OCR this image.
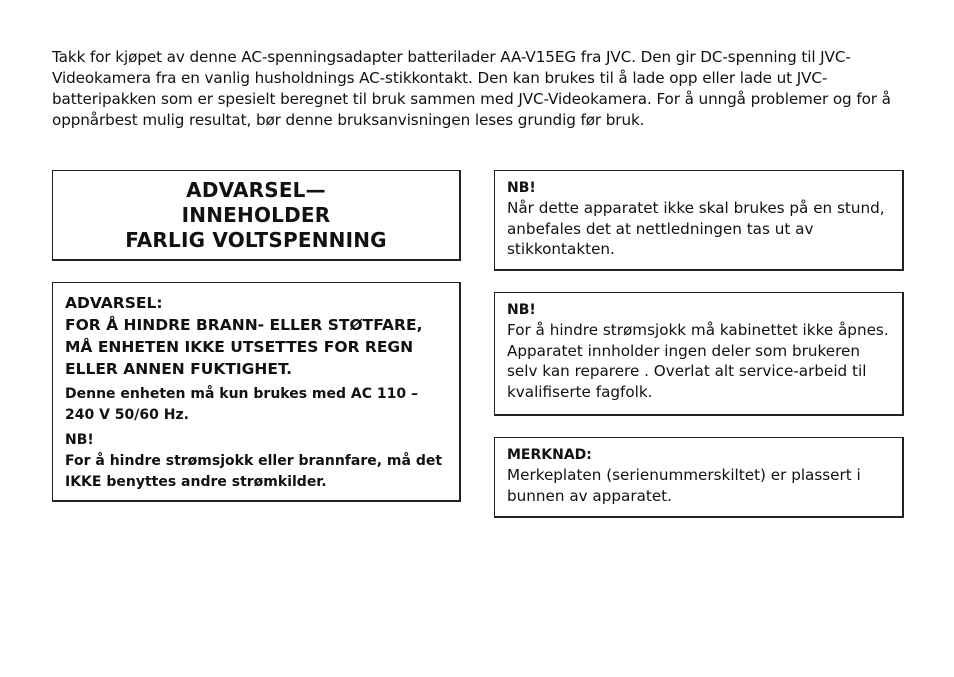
Takk for kjøpet av denne AC-spenningsadapter batterilader AA-V15EG fra JVC. Den gir DC-spenning til JVC-Videokamera fra en vanlig husholdnings AC-stikkontakt. Den kan brukes til å lade opp eller lade ut JVC-batteripakken som er spesielt beregnet til bruk sammen med JVC-Videokamera. For å unngå problemer og for å oppnårbest mulig resultat, bør denne bruksanvisningen leses grundig før bruk.

ADVARSEL—
INNEHOLDER
FARLIG VOLTSPENNING
ADVARSEL:
FOR Å HINDRE BRANN- ELLER STØTFARE, MÅ ENHETEN IKKE UTSETTES FOR REGN ELLER ANNEN FUKTIGHET.
Denne enheten må kun brukes med AC 110 – 240 V 50/60 Hz.
NB!
For å hindre strømsjokk eller brannfare, må det IKKE benyttes andre strømkilder.
NB!
Når dette apparatet ikke skal brukes på en stund, anbefales det at nettledningen tas ut av stikkontakten.
NB!
For å hindre strømsjokk må kabinettet ikke åpnes. Apparatet innholder ingen deler som brukeren selv kan reparere . Overlat alt service-arbeid til kvalifiserte fagfolk.
MERKNAD:
Merkeplaten (serienummerskiltet) er plassert i bunnen av apparatet.
